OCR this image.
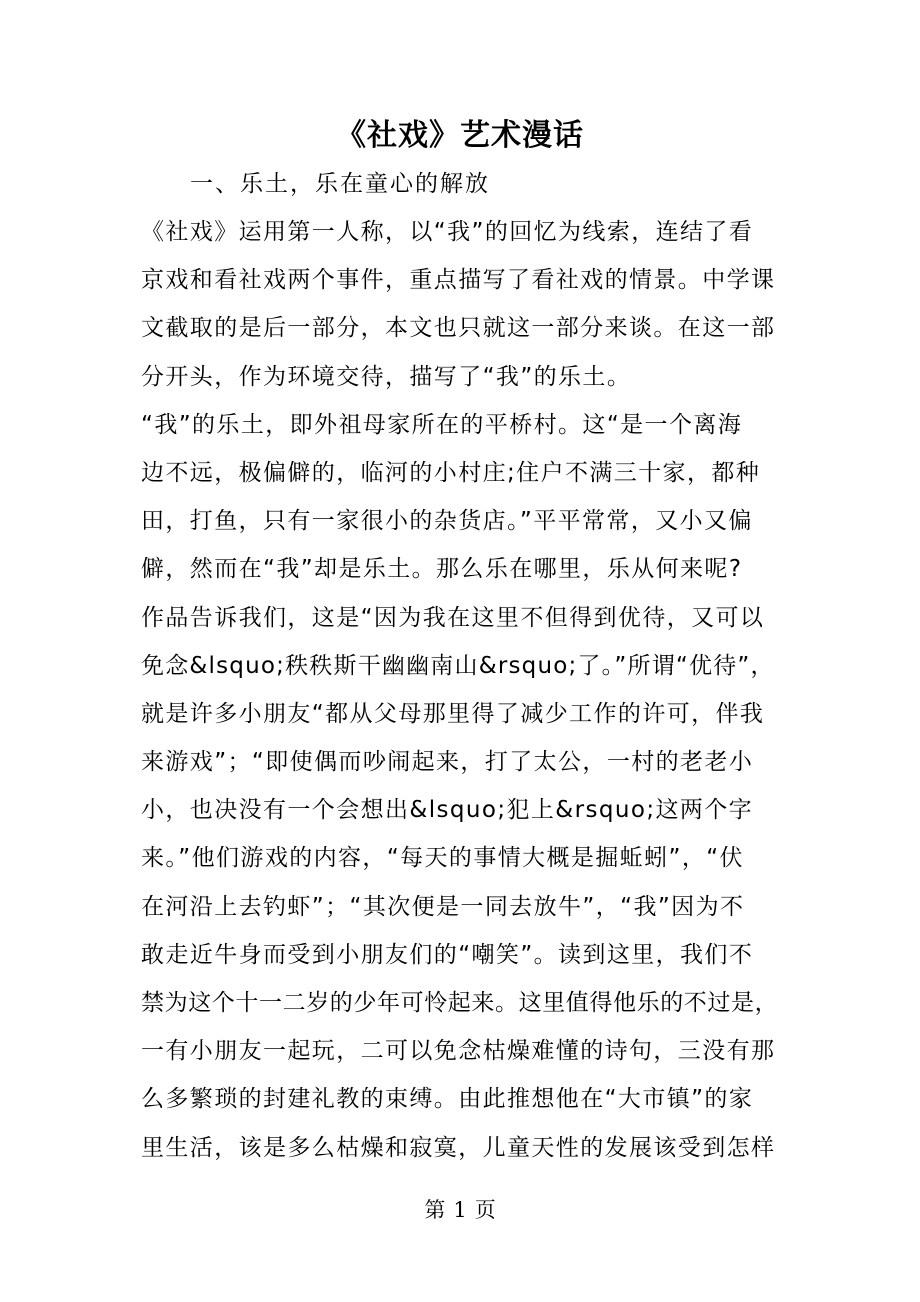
《社戏》艺术漫话
一、乐土，乐在童心的解放
《社戏》运用第一人称，以“我”的回忆为线索，连结了看
京戏和看社戏两个事件，重点描写了看社戏的情景。中学课
文截取的是后一部分，本文也只就这一部分来谈。在这一部
分开头，作为环境交待，描写了“我”的乐土。
“我”的乐土，即外祖母家所在的平桥村。这“是一个离海
边不远，极偏僻的，临河的小村庄;住户不满三十家，都种
田，打鱼，只有一家很小的杂货店。”平平常常，又小又偏
僻，然而在“我”却是乐土。那么乐在哪里，乐从何来呢?
作品告诉我们，这是“因为我在这里不但得到优待，又可以
免念&lsquo;秩秩斯干幽幽南山&rsquo;了。”所谓“优待”，
就是许多小朋友“都从父母那里得了减少工作的许可，伴我
来游戏”；“即使偶而吵闹起来，打了太公，一村的老老小
小，也决没有一个会想出&lsquo;犯上&rsquo;这两个字
来。”他们游戏的内容，“每天的事情大概是掘蚯蚓”，“伏
在河沿上去钓虾”；“其次便是一同去放牛”，“我”因为不
敢走近牛身而受到小朋友们的“嘲笑”。读到这里，我们不
禁为这个十一二岁的少年可怜起来。这里值得他乐的不过是，
一有小朋友一起玩，二可以免念枯燥难懂的诗句，三没有那
么多繁琐的封建礼教的束缚。由此推想他在“大市镇”的家
里生活，该是多么枯燥和寂寞，儿童天性的发展该受到怎样
第 1 页
